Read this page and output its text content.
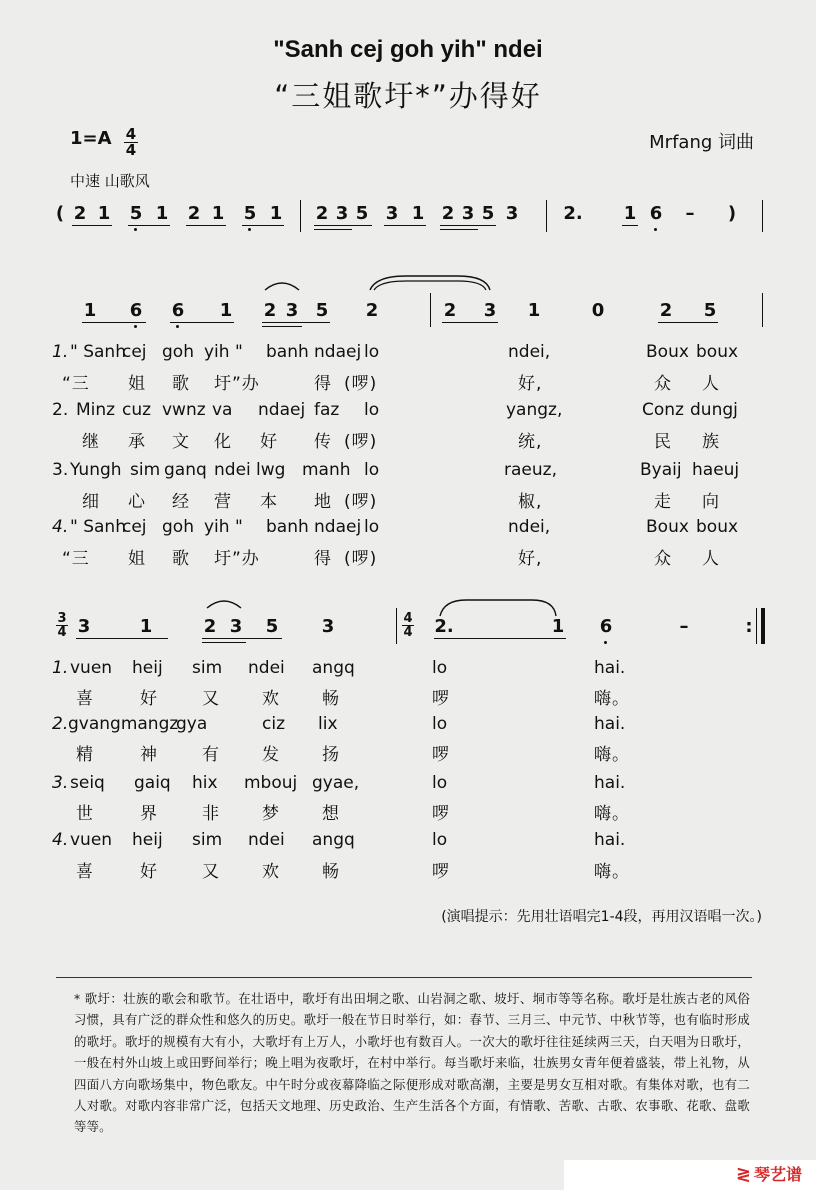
"Sanh cej goh yih" ndei
“三姐歌圩*”办得好
$1=A \frac{4}{4}$	Mrfang 词曲
中速 山歌风
( 2 1 5 1 2 1 5 1 2 3 5 3 1 2 3 5 3	2. 1 6 – )
1 6 6 1 2 3 5 2	2 3 1	0	2 5
1. " Sanh
cej goh yih " banh ndaej lo	ndei,	Boux boux
“三 姐 歌 圩”办	得 (啰)	好,	众 人
2. Minz cuz vwnz va ndaej faz lo	yangz,	Conz dungj
继 承 文 化 好 传 (啰)	统,	民 族
3. Yungh sim ganq ndei lwg manh lo	raeuz,	Byaij haeuj
细 心 经 营 本 地 (啰)	椒,	走 向
4. " Sanh
cej goh yih " banh ndaej lo	ndei,	Boux boux
“三 姐 歌 圩”办	得 (啰)	好,	众 人
$\frac{3}{4} 3$	1	2 3 5 3	$\frac{4}{4} 2$.	1 6	–	:
1. vuen heij sim ndei angq	lo	hai.
喜	好	又 欢 畅	啰	嗨。
2. gvangmangz
gya	ciz lix	lo	hai.
精	神	有 发 扬	啰	嗨。
3. seiq gaiq hix mbouj gyae,	lo	hai.
世	界	非 梦 想	啰	嗨。
4. vuen heij sim ndei angq	lo	hai.
喜	好	又 欢 畅	啰	嗨。
(演唱提示：先用壮语唱完1-4段，再用汉语唱一次。)
* 歌圩：壮族的歌会和歌节。在壮语中，歌圩有出田垌之歌、山岩洞之歌、坡圩、垌市等等名称。歌圩是壮族古老的风俗习惯，具有广泛的群众性和悠久的历史。歌圩一般在节日时举行，如：春节、三月三、中元节、中秋节等，也有临时形成的歌圩。歌圩的规模有大有小，大歌圩有上万人，小歌圩也有数百人。一次大的歌圩往往延续两三天，白天唱为日歌圩，一般在村外山坡上或田野间举行；晚上唱为夜歌圩，在村中举行。每当歌圩来临，壮族男女青年便着盛装，带上礼物，从四面八方向歌场集中，物色歌友。中午时分或夜幕降临之际便形成对歌高潮，主要是男女互相对歌。有集体对歌，也有二人对歌。对歌内容非常广泛，包括天文地理、历史政治、生产生活各个方面，有情歌、苦歌、古歌、农事歌、花歌、盘歌等等。
≷ 琴艺谱
